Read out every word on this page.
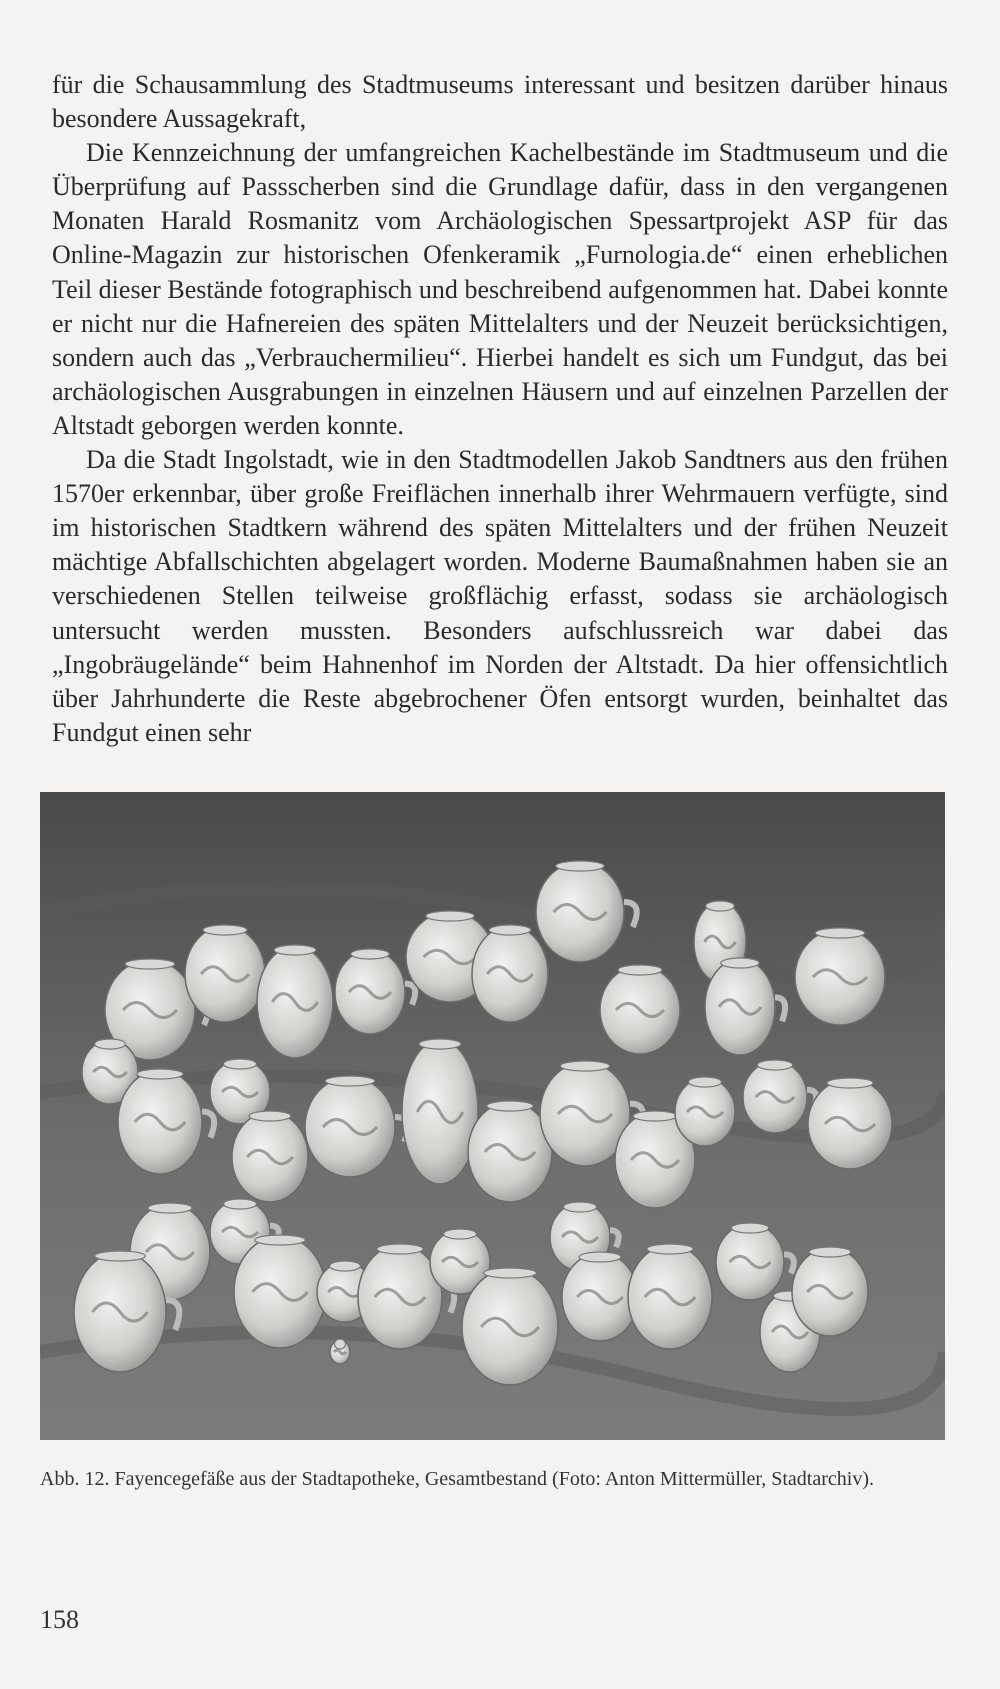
für die Schausammlung des Stadtmuseums interessant und besitzen darüber hinaus besondere Aussagekraft,

Die Kennzeichnung der umfangreichen Kachelbestände im Stadtmuseum und die Überprüfung auf Passscherben sind die Grundlage dafür, dass in den vergangenen Monaten Harald Rosmanitz vom Archäologischen Spessartprojekt ASP für das Online-Magazin zur historischen Ofenkeramik „Furnologia.de“ einen erheblichen Teil dieser Bestände fotographisch und beschreibend aufgenommen hat. Dabei konnte er nicht nur die Hafnereien des späten Mittelalters und der Neuzeit berücksichtigen, sondern auch das „Verbrauchermilieu“. Hierbei handelt es sich um Fundgut, das bei archäologischen Ausgrabungen in einzelnen Häusern und auf einzelnen Parzellen der Altstadt geborgen werden konnte.

Da die Stadt Ingolstadt, wie in den Stadtmodellen Jakob Sandtners aus den frühen 1570er erkennbar, über große Freiflächen innerhalb ihrer Wehrmauern verfügte, sind im historischen Stadtkern während des späten Mittelalters und der frühen Neuzeit mächtige Abfallschichten abgelagert worden. Moderne Baumaßnahmen haben sie an verschiedenen Stellen teilweise großflächig erfasst, sodass sie archäologisch untersucht werden mussten. Besonders aufschlussreich war dabei das „Ingobräugelände“ beim Hahnenhof im Norden der Altstadt. Da hier offensichtlich über Jahrhunderte die Reste abgebrochener Öfen entsorgt wurden, beinhaltet das Fundgut einen sehr

Abb. 12. Fayencegefäße aus der Stadtapotheke, Gesamtbestand (Foto: Anton Mittermüller, Stadtarchiv).
158
